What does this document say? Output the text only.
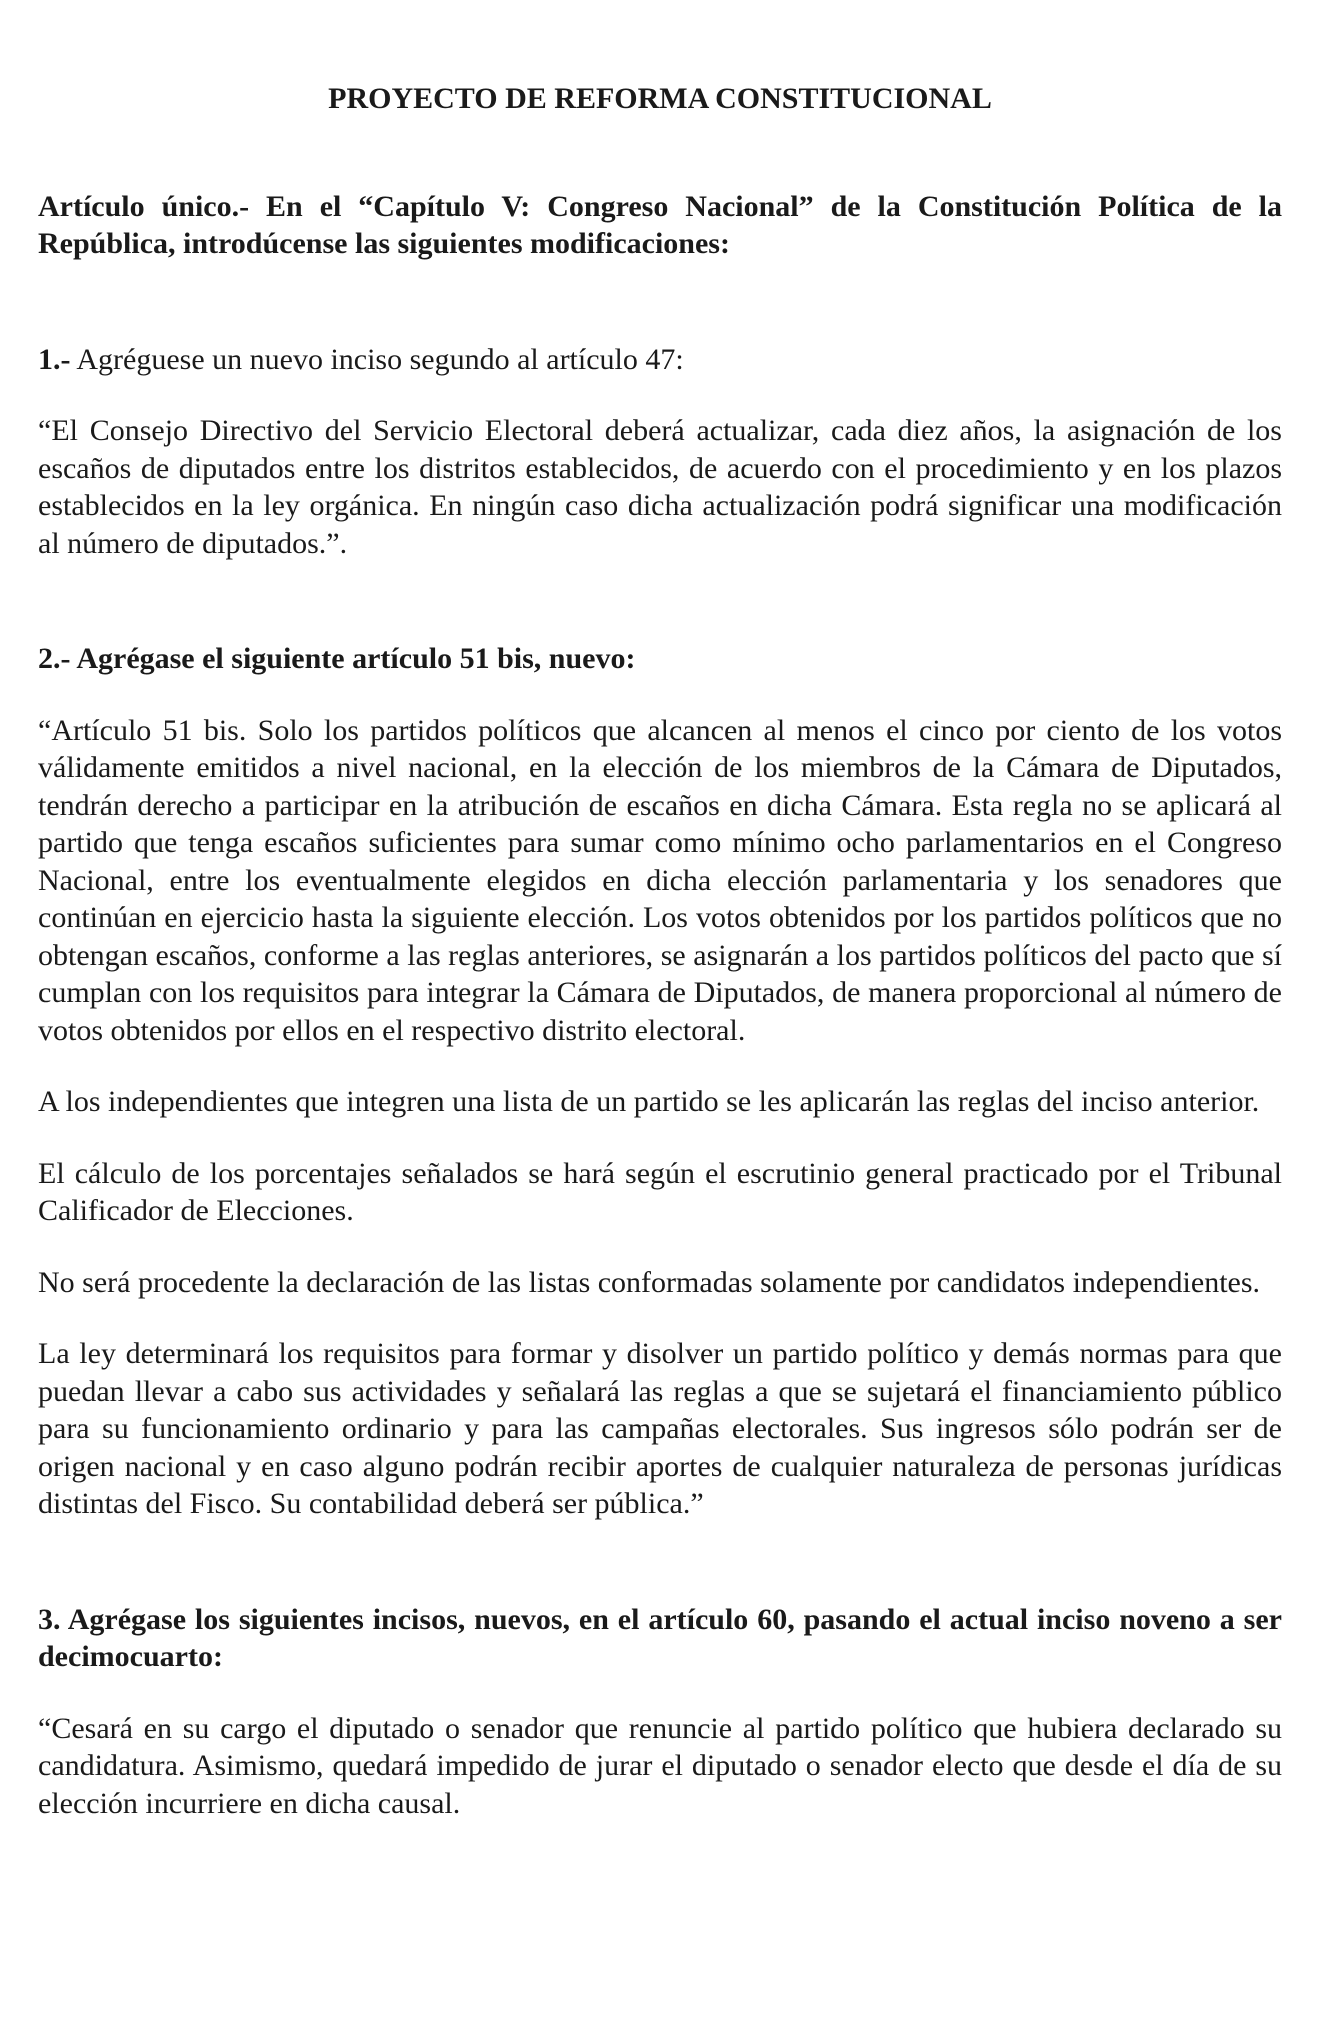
PROYECTO DE REFORMA CONSTITUCIONAL

Artículo único.- En el “Capítulo V: Congreso Nacional” de la Constitución Política de la República, introdúcense las siguientes modificaciones:

1.- Agréguese un nuevo inciso segundo al artículo 47:

“El Consejo Directivo del Servicio Electoral deberá actualizar, cada diez años, la asignación de los escaños de diputados entre los distritos establecidos, de acuerdo con el procedimiento y en los plazos establecidos en la ley orgánica. En ningún caso dicha actualización podrá significar una modificación al número de diputados.”.

2.- Agrégase el siguiente artículo 51 bis, nuevo:

“Artículo 51 bis. Solo los partidos políticos que alcancen al menos el cinco por ciento de los votos válidamente emitidos a nivel nacional, en la elección de los miembros de la Cámara de Diputados, tendrán derecho a participar en la atribución de escaños en dicha Cámara. Esta regla no se aplicará al partido que tenga escaños suficientes para sumar como mínimo ocho parlamentarios en el Congreso Nacional, entre los eventualmente elegidos en dicha elección parlamentaria y los senadores que continúan en ejercicio hasta la siguiente elección. Los votos obtenidos por los partidos políticos que no obtengan escaños, conforme a las reglas anteriores, se asignarán a los partidos políticos del pacto que sí cumplan con los requisitos para integrar la Cámara de Diputados, de manera proporcional al número de votos obtenidos por ellos en el respectivo distrito electoral.

A los independientes que integren una lista de un partido se les aplicarán las reglas del inciso anterior.

El cálculo de los porcentajes señalados se hará según el escrutinio general practicado por el Tribunal Calificador de Elecciones.

No será procedente la declaración de las listas conformadas solamente por candidatos independientes.

La ley determinará los requisitos para formar y disolver un partido político y demás normas para que puedan llevar a cabo sus actividades y señalará las reglas a que se sujetará el financiamiento público para su funcionamiento ordinario y para las campañas electorales. Sus ingresos sólo podrán ser de origen nacional y en caso alguno podrán recibir aportes de cualquier naturaleza de personas jurídicas distintas del Fisco. Su contabilidad deberá ser pública.”

3. Agrégase los siguientes incisos, nuevos, en el artículo 60, pasando el actual inciso noveno a ser decimocuarto:

“Cesará en su cargo el diputado o senador que renuncie al partido político que hubiera declarado su candidatura. Asimismo, quedará impedido de jurar el diputado o senador electo que desde el día de su elección incurriere en dicha causal.
